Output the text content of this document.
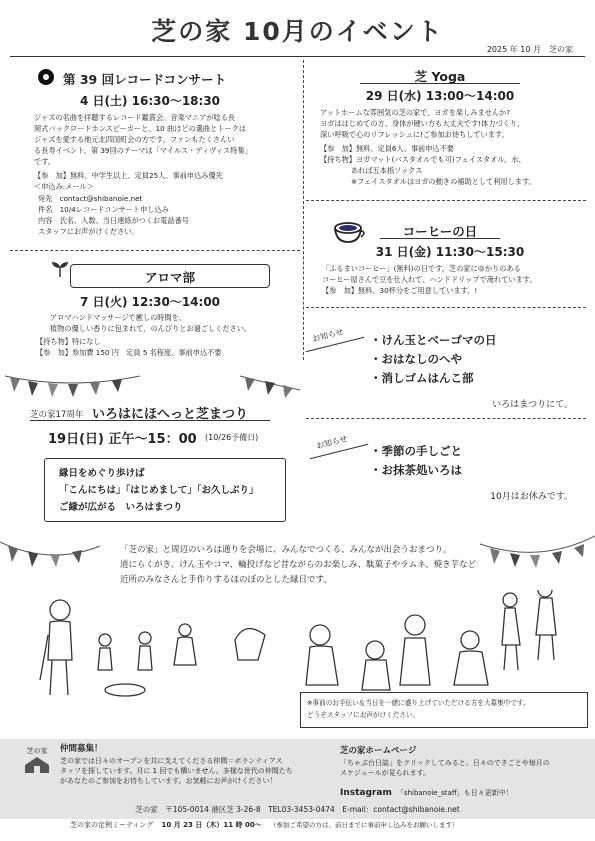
芝の家 10月のイベント
2025 年 10 月　芝の家
第 39 回レコードコンサート
4 日(土) 16:30〜18:30
ジャズの名曲を拝聴するレコード鑑賞会。音楽マニアが唸る長
岡式バックロードホンスピーカーと、10 曲ほどの選曲とトークは
ジャズを愛する地元北四国町会の方です。ファンもたくさんい
る長寿イベント、第 39回のテーマは「マイルス・ディヴィス特集」
です。
【参　加】無料、中学生以上、定員25人、事前申込み優先
＜申込み:メール＞
宛先　contact@shibanoie.net
件名　10/4レコードコンサート申し込み
内容　氏名、人数、当日連絡がつくお電話番号
スタッフにお声がけください。
アロマ部
7 日(火) 12:30〜14:00
アロマハンドマッサージで癒しの時間を。
植物の優しい香りに包まれて、のんびりとお過ごしください。
【持ち物】特になし
【参　加】参加費 150 円　定員 5 名程度、事前申込不要
芝 Yoga
29 日(水) 13:00〜14:00
アットホームな雰囲気の芝の家で、ヨガを楽しみませんか?
ヨガははじめての方、身体が硬い方も大丈夫です!体力づくり、
深い呼吸で心のリフレッシュに!ご参加お待ちしています。
【参　加】無料、定員6人、事前申込不要
【持ち物】ヨガマット(バスタオルでも可)フェイスタオル、水、
　　　　 あれば五本指ソックス
　　　　 ※フェイスタオルはヨガの動きの補助として利用します。
コーヒーの日
31 日(金) 11:30〜15:30
「ふるまいコーヒー」(無料)の日です。芝の家にゆかりのある
コーヒー屋さんで豆を仕入れて、ハンドドリップで淹れています。
【参　加】無料、30杯分をご用意しています。!
お知らせ ・けん玉とベーゴマの日
・おはなしのへや
・消しゴムはんこ部
いろはまつりにて。
お知らせ
・季節の手しごと
・お抹茶処いろは
10月はお休みです。
芝の家17周年 いろはにほへっと芝まつり
19日(日) 正午〜15：00 (10/26予備日)
縁日をめぐり歩けば
「こんにちは」「はじめまして」「お久しぶり」
ご縁が広がる　いろはまつり
「芝の家」と周辺のいろは通りを会場に、みんなでつくる、みんなが出会うおまつり。
道にらくがき、けん玉やコマ、輪投げなど昔ながらのお楽しみ、駄菓子やラムネ、焼き芋など
近所のみなさんと手作りするほのぼのとした縁日です。
※事前のお手伝い＆当日を一緒に盛り上げていただける方を大募集中です。
どうぞスタッフにお声がけください。
芝の家	仲間募集！
芝の家では日々のオープンを共に支えてくださる仲間＝ボランティアス
タッフを探しています。月に 1 回でも構いません。多様な世代の仲間たち
があなたのご参加をお待ちしています。お気軽にお声がけください！
芝の家ホームページ
「ちゃぶ台日誌」をクリックしてみると、日々のできごとや毎月の
スケジュールが見られます。
Instagram 「shibanoie_staff」も日々更新中！
芝の家　〒105-0014 港区芝 3-26-8　TEL03-3453-0474　E-mail：contact@shibanoie.net
芝の家の定例ミーティング 10 月 23 日（木）11 時 00〜 （参加ご希望の方は、前日までに事前申し込みをお願いします）
